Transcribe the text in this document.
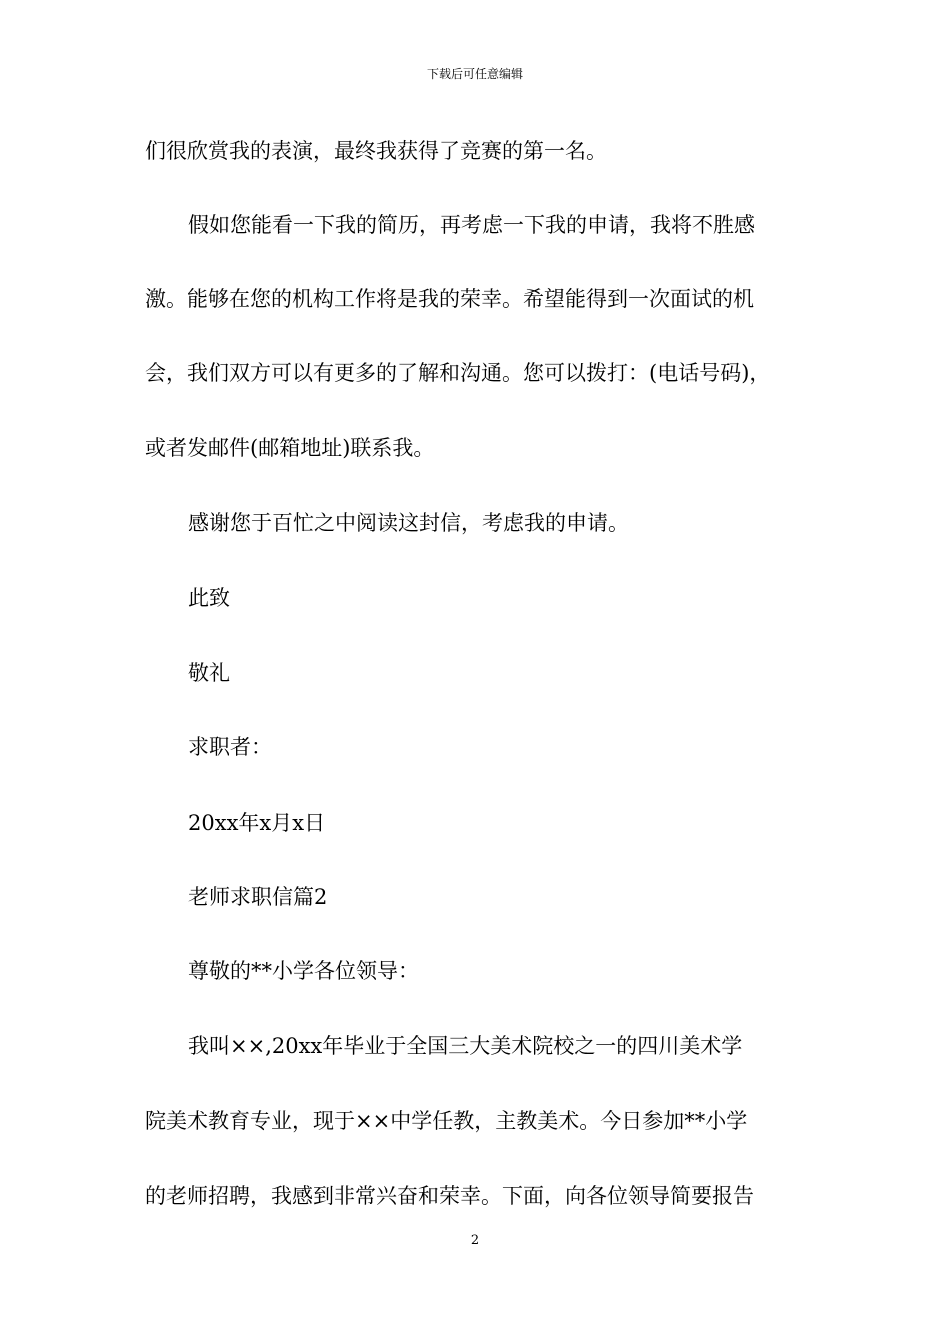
下载后可任意编辑
们很欣赏我的表演，最终我获得了竞赛的第一名。
假如您能看一下我的简历，再考虑一下我的申请，我将不胜感
激。能够在您的机构工作将是我的荣幸。希望能得到一次面试的机
会，我们双方可以有更多的了解和沟通。您可以拨打：(电话号码)，
或者发邮件(邮箱地址)联系我。
感谢您于百忙之中阅读这封信，考虑我的申请。
此致
敬礼
求职者：
20xx年x月x日
老师求职信篇2
尊敬的**小学各位领导：
我叫××,20xx年毕业于全国三大美术院校之一的四川美术学
院美术教育专业，现于××中学任教，主教美术。今日参加**小学
的老师招聘，我感到非常兴奋和荣幸。下面，向各位领导简要报告
2
